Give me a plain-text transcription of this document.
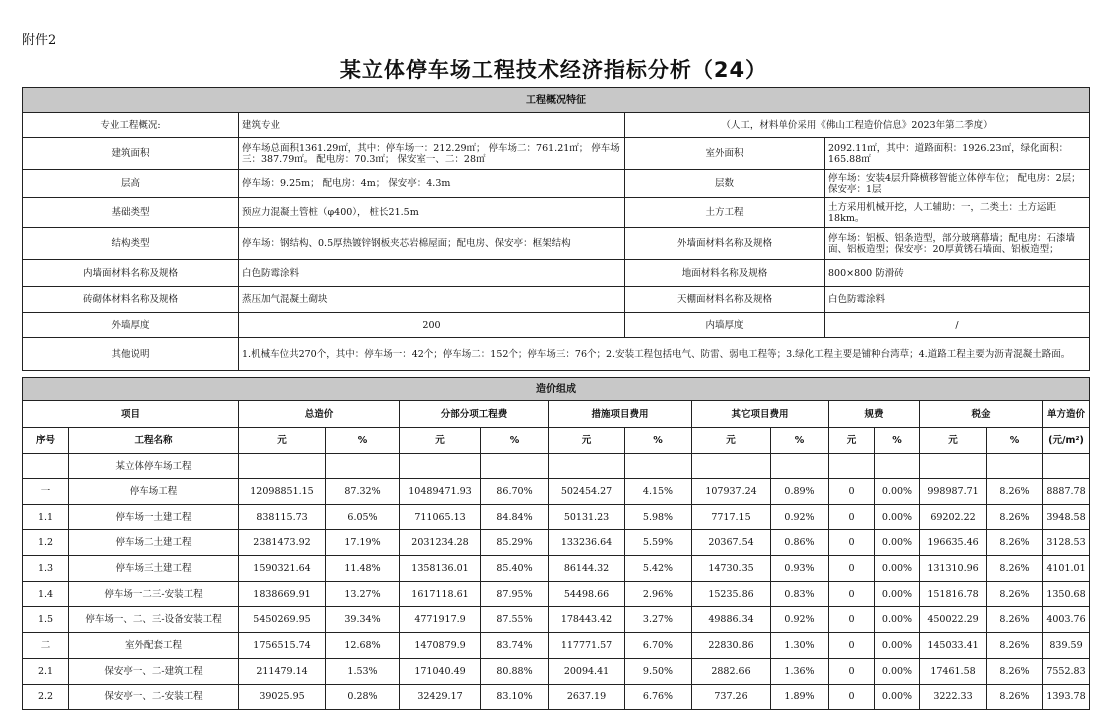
附件2
某立体停车场工程技术经济指标分析（24）
工程概况特征			
专业工程概况:	建筑专业	（人工，材料单价采用《佛山工程造价信息》2023年第二季度）	
建筑面积	停车场总面积1361.29㎡，其中：停车场一：212.29㎡； 停车场二：761.21㎡； 停车场三：387.79㎡。 配电房：70.3㎡； 保安室一、二：28㎡	室外面积	2092.11㎡，其中：道路面积：1926.23㎡，绿化面积：165.88㎡
层高	停车场：9.25m； 配电房：4m； 保安亭：4.3m	层数	停车场：安装4层升降横移智能立体停车位； 配电房：2层； 保安亭：1层
基础类型	预应力混凝土管桩（φ400）， 桩长21.5m	土方工程	土方采用机械开挖，人工辅助：一，二类土：土方运距18km。
结构类型	停车场：钢结构、0.5厚热镀锌钢板夹芯岩棉屋面；配电房、保安亭：框架结构	外墙面材料名称及规格	停车场：铝板、铝条造型，部分玻璃幕墙；配电房：石漆墙面、铝板造型；保安亭：20厚黄锈石墙面、铝板造型；
内墙面材料名称及规格	白色防霉涂料	地面材料名称及规格	800×800 防滑砖
砖砌体材料名称及规格	蒸压加气混凝土砌块	天棚面材料名称及规格	白色防霉涂料
外墙厚度	200	内墙厚度	/
其他说明	1.机械车位共270个，其中：停车场一：42个；停车场二：152个；停车场三：76个；2.安装工程包括电气、防雷、弱电工程等；3.绿化工程主要是铺种台湾草；4.道路工程主要为沥青混凝土路面。		
造价组成														
项目		总造价		分部分项工程费		措施项目费用		其它项目费用		规费		税金		单方造价
序号	工程名称	元	%	元	%	元	%	元	%	元	%	元	%	(元/m²)
	某立体停车场工程													
一	停车场工程	12098851.15	87.32%	10489471.93	86.70%	502454.27	4.15%	107937.24	0.89%	0	0.00%	998987.71	8.26%	8887.78
1.1	停车场一土建工程	838115.73	6.05%	711065.13	84.84%	50131.23	5.98%	7717.15	0.92%	0	0.00%	69202.22	8.26%	3948.58
1.2	停车场二土建工程	2381473.92	17.19%	2031234.28	85.29%	133236.64	5.59%	20367.54	0.86%	0	0.00%	196635.46	8.26%	3128.53
1.3	停车场三土建工程	1590321.64	11.48%	1358136.01	85.40%	86144.32	5.42%	14730.35	0.93%	0	0.00%	131310.96	8.26%	4101.01
1.4	停车场一二三-安装工程	1838669.91	13.27%	1617118.61	87.95%	54498.66	2.96%	15235.86	0.83%	0	0.00%	151816.78	8.26%	1350.68
1.5	停车场一、二、三-设备安装工程	5450269.95	39.34%	4771917.9	87.55%	178443.42	3.27%	49886.34	0.92%	0	0.00%	450022.29	8.26%	4003.76
二	室外配套工程	1756515.74	12.68%	1470879.9	83.74%	117771.57	6.70%	22830.86	1.30%	0	0.00%	145033.41	8.26%	839.59
2.1	保安亭一、二-建筑工程	211479.14	1.53%	171040.49	80.88%	20094.41	9.50%	2882.66	1.36%	0	0.00%	17461.58	8.26%	7552.83
2.2	保安亭一、二-安装工程	39025.95	0.28%	32429.17	83.10%	2637.19	6.76%	737.26	1.89%	0	0.00%	3222.33	8.26%	1393.78
